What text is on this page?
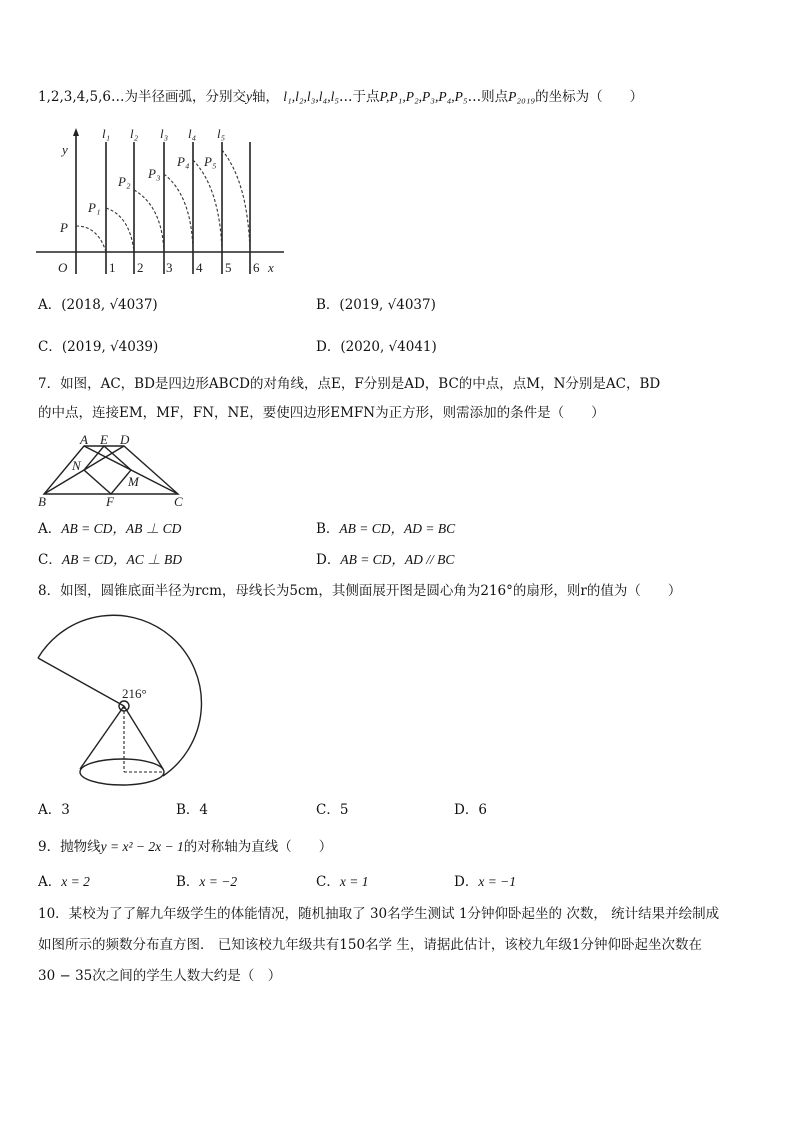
1,2,3,4,5,6…为半径画弧，分别交y轴， l₁,l₂,l₃,l₄,l₅…于点P,P₁,P₂,P₃,P₄,P₅…则点P₂₀₁₉的坐标为（　　）
y
P
P₁
P₂
P₃
P₄ P₅
l₁ l₂ l₃ l₄ l₅
O	x
1 2 3 4 5 6
A．(2018, √4037)	B．(2019, √4037)
C．(2019, √4039)	D．(2020, √4041)
7．如图，AC，BD是四边形ABCD的对角线，点E，F分别是AD，BC的中点，点M，N分别是AC，BD
的中点，连接EM，MF，FN，NE，要使四边形EMFN为正方形，则需添加的条件是（　　）
A E D
N
M
B	F	C
A．AB = CD，AB ⊥ CD	B．AB = CD，AD = BC
C．AB = CD，AC ⊥ BD	D．AB = CD，AD // BC
8．如图，圆锥底面半径为rcm，母线长为5cm，其侧面展开图是圆心角为216°的扇形，则r的值为（　　）
216°
A．3	B．4	C．5	D．6
9．抛物线y = x² − 2x − 1的对称轴为直线（　　）
A．x = 2	B．x = −2	C．x = 1	D．x = −1
10．某校为了了解九年级学生的体能情况，随机抽取了 30名学生测试 1分钟仰卧起坐的 次数， 统计结果并绘制成
如图所示的频数分布直方图． 已知该校九年级共有150名学 生，请据此估计，该校九年级1分钟仰卧起坐次数在
30 − 35次之间的学生人数大约是（　）
